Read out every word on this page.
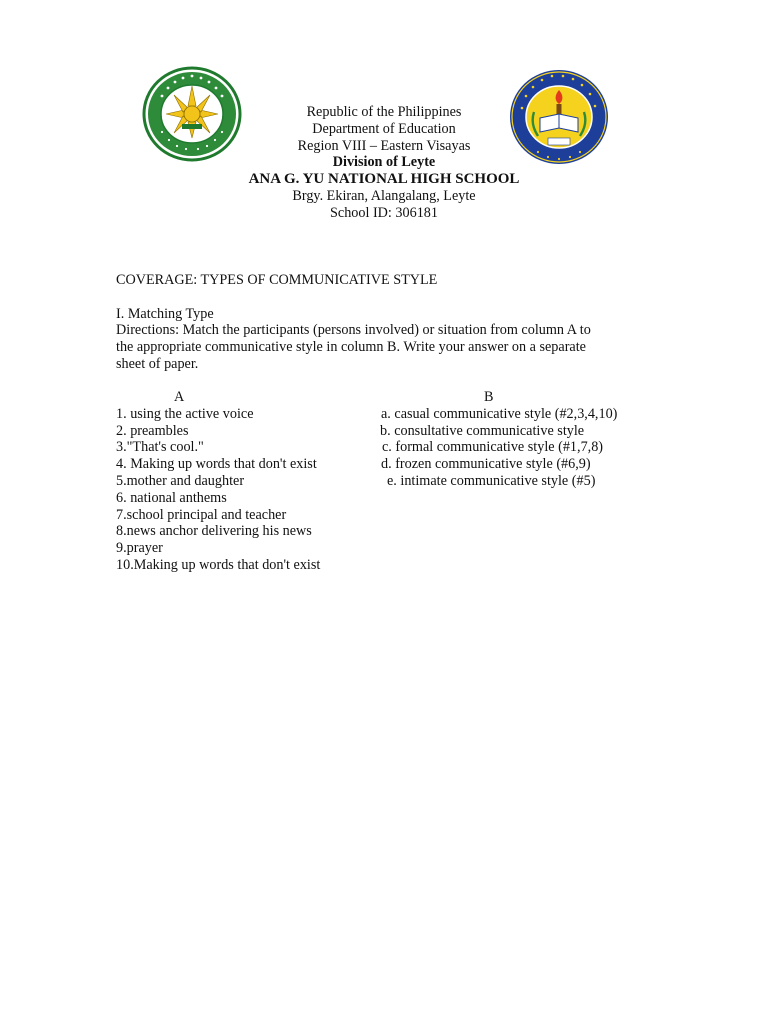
Republic of the Philippines
Department of Education
Region VIII – Eastern Visayas
Division of Leyte
ANA G. YU NATIONAL HIGH SCHOOL
Brgy. Ekiran, Alangalang, Leyte
School ID: 306181

COVERAGE: TYPES OF COMMUNICATIVE STYLE

I. Matching Type

Directions: Match the participants (persons involved) or situation from column A to

the appropriate communicative style in column B. Write your answer on a separate

sheet of paper.

A
1. using the active voice
2. preambles
3."That's cool."
4. Making up words that don't exist
5.mother and daughter
6. national anthems
7.school principal and teacher
8.news anchor delivering his news
9.prayer
10.Making up words that don't exist
B
a. casual communicative style (#2,3,4,10)
b. consultative communicative style
c. formal communicative style (#1,7,8)
d. frozen communicative style (#6,9)
e. intimate communicative style (#5)
